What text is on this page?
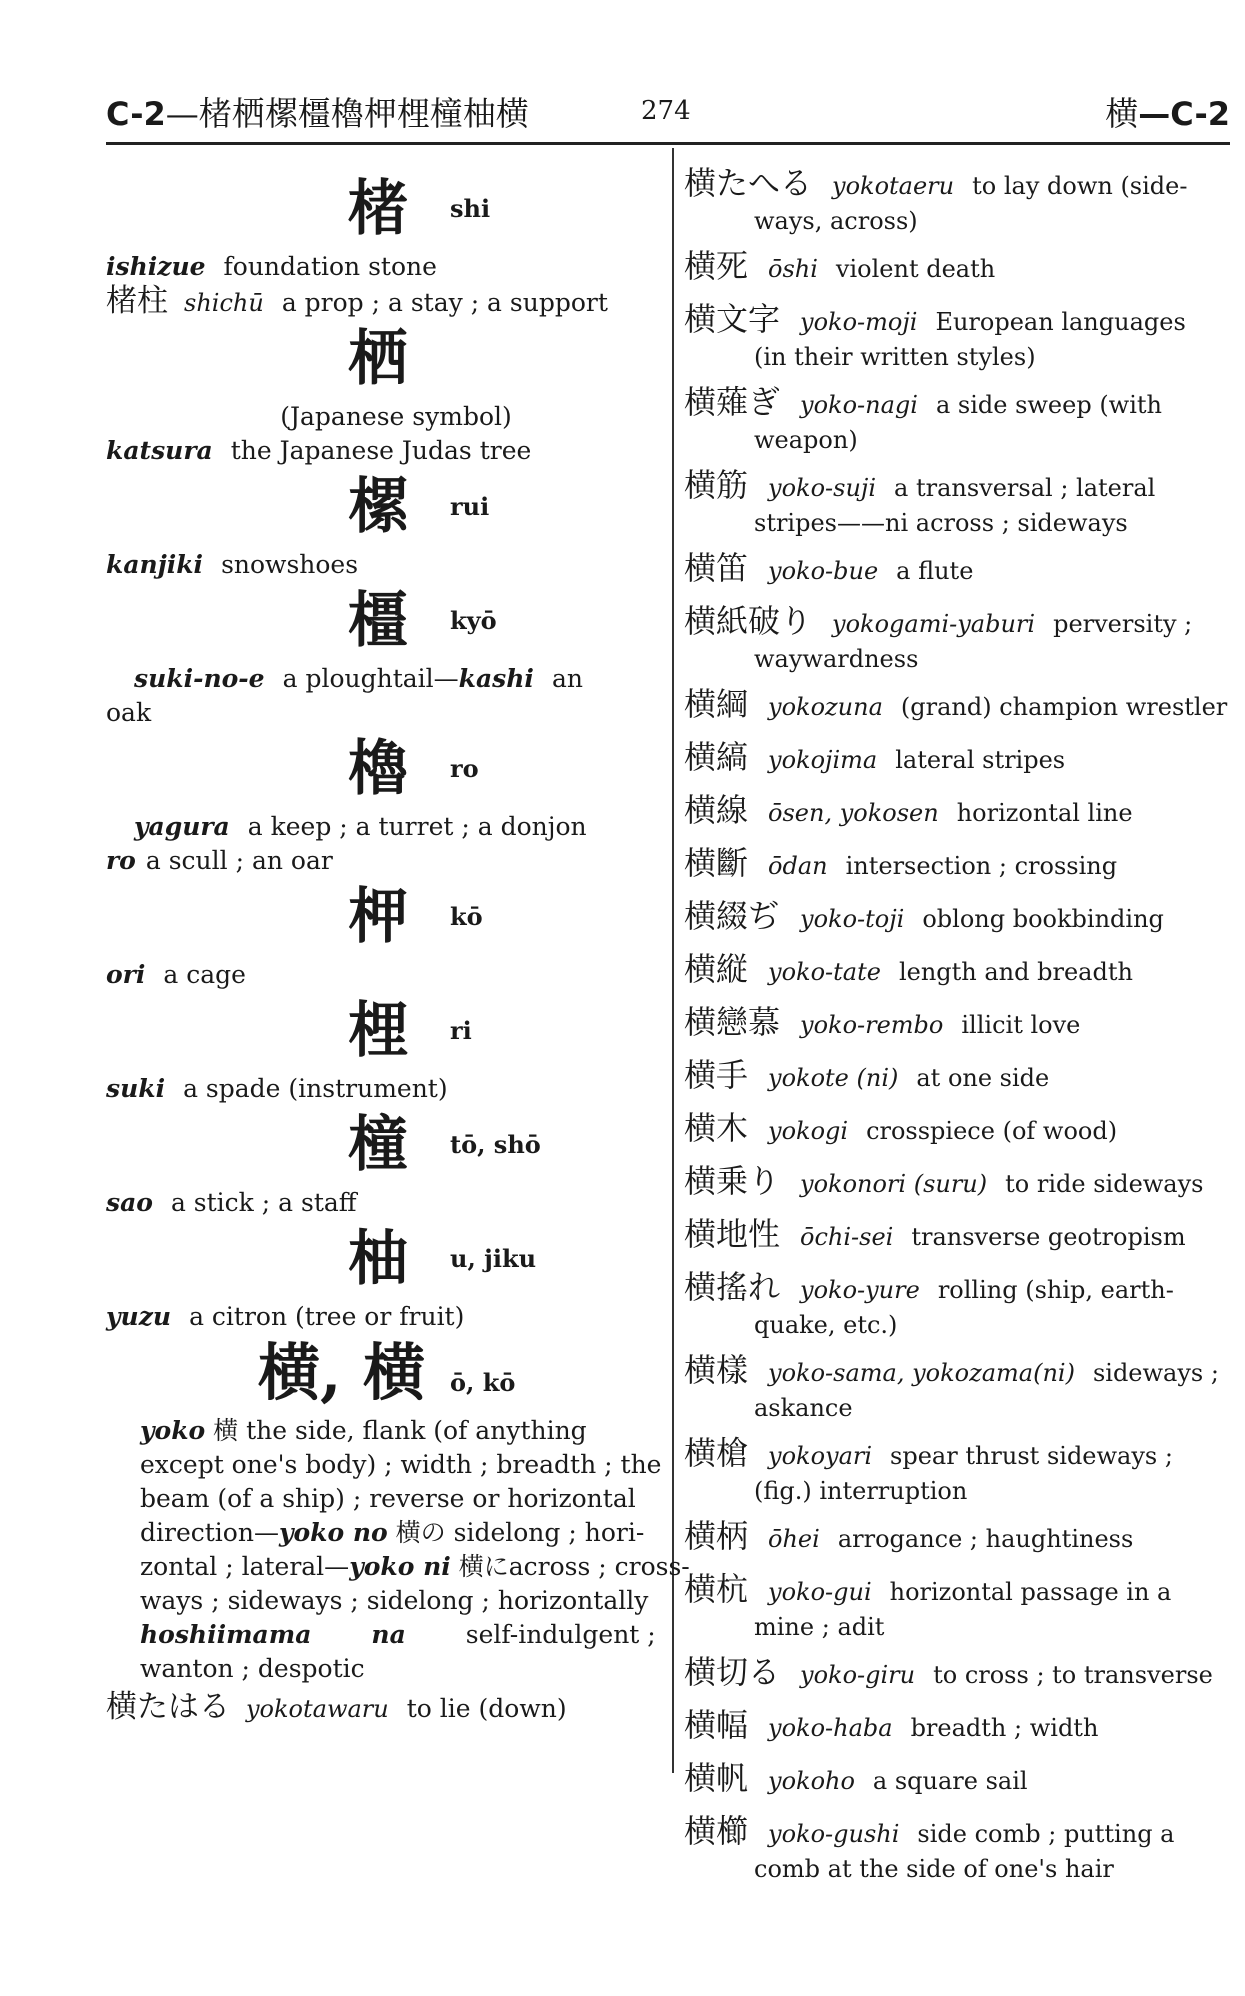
C-2—楮栖樏橿櫓柙梩橦柚横	274	横—C-2
楮 shi
ishizue foundation stone
楮柱 shichū a prop ; a stay ; a support
栖
(Japanese symbol)
katsura the Japanese Judas tree
樏 rui
kanjiki snowshoes
橿 kyō
suki-no-e a ploughtail—kashi an
oak
櫓 ro
yagura a keep ; a turret ; a donjon
ro a scull ; an oar
柙 kō
ori a cage
梩 ri
suki a spade (instrument)
橦 tō, shō
sao a stick ; a staff
柚 u, jiku
yuzu a citron (tree or fruit)
横, 横 ō, kō
yoko 横 the side, flank (of anything
except one's body) ; width ; breadth ; the
beam (of a ship) ; reverse or horizontal
direction—yoko no 横の sidelong ; hori-
zontal ; lateral—yoko ni 横にacross ; cross-
ways ; sideways ; sidelong ; horizontally
hoshiimama na self-indulgent ;
wanton ; despotic
横たはる yokotawaru to lie (down)
横たへる yokotaeru to lay down (side-
ways, across)
横死 ōshi violent death
横文字 yoko-moji European languages
(in their written styles)
横薙ぎ yoko-nagi a side sweep (with
weapon)
横筋 yoko-suji a transversal ; lateral
stripes——ni across ; sideways
横笛 yoko-bue a flute
横紙破り yokogami-yaburi perversity ;
waywardness
横綱 yokozuna (grand) champion wrestler
横縞 yokojima lateral stripes
横線 ōsen, yokosen horizontal line
横斷 ōdan intersection ; crossing
横綴ぢ yoko-toji oblong bookbinding
横縦 yoko-tate length and breadth
横戀慕 yoko-rembo illicit love
横手 yokote (ni) at one side
横木 yokogi crosspiece (of wood)
横乗り yokonori (suru) to ride sideways
横地性 ōchi-sei transverse geotropism
横搖れ yoko-yure rolling (ship, earth-
quake, etc.)
横樣 yoko-sama, yokozama(ni) sideways ;
askance
横槍 yokoyari spear thrust sideways ;
(fig.) interruption
横柄 ōhei arrogance ; haughtiness
横杭 yoko-gui horizontal passage in a
mine ; adit
横切る yoko-giru to cross ; to transverse
横幅 yoko-haba breadth ; width
横帆 yokoho a square sail
横櫛 yoko-gushi side comb ; putting a
comb at the side of one's hair
